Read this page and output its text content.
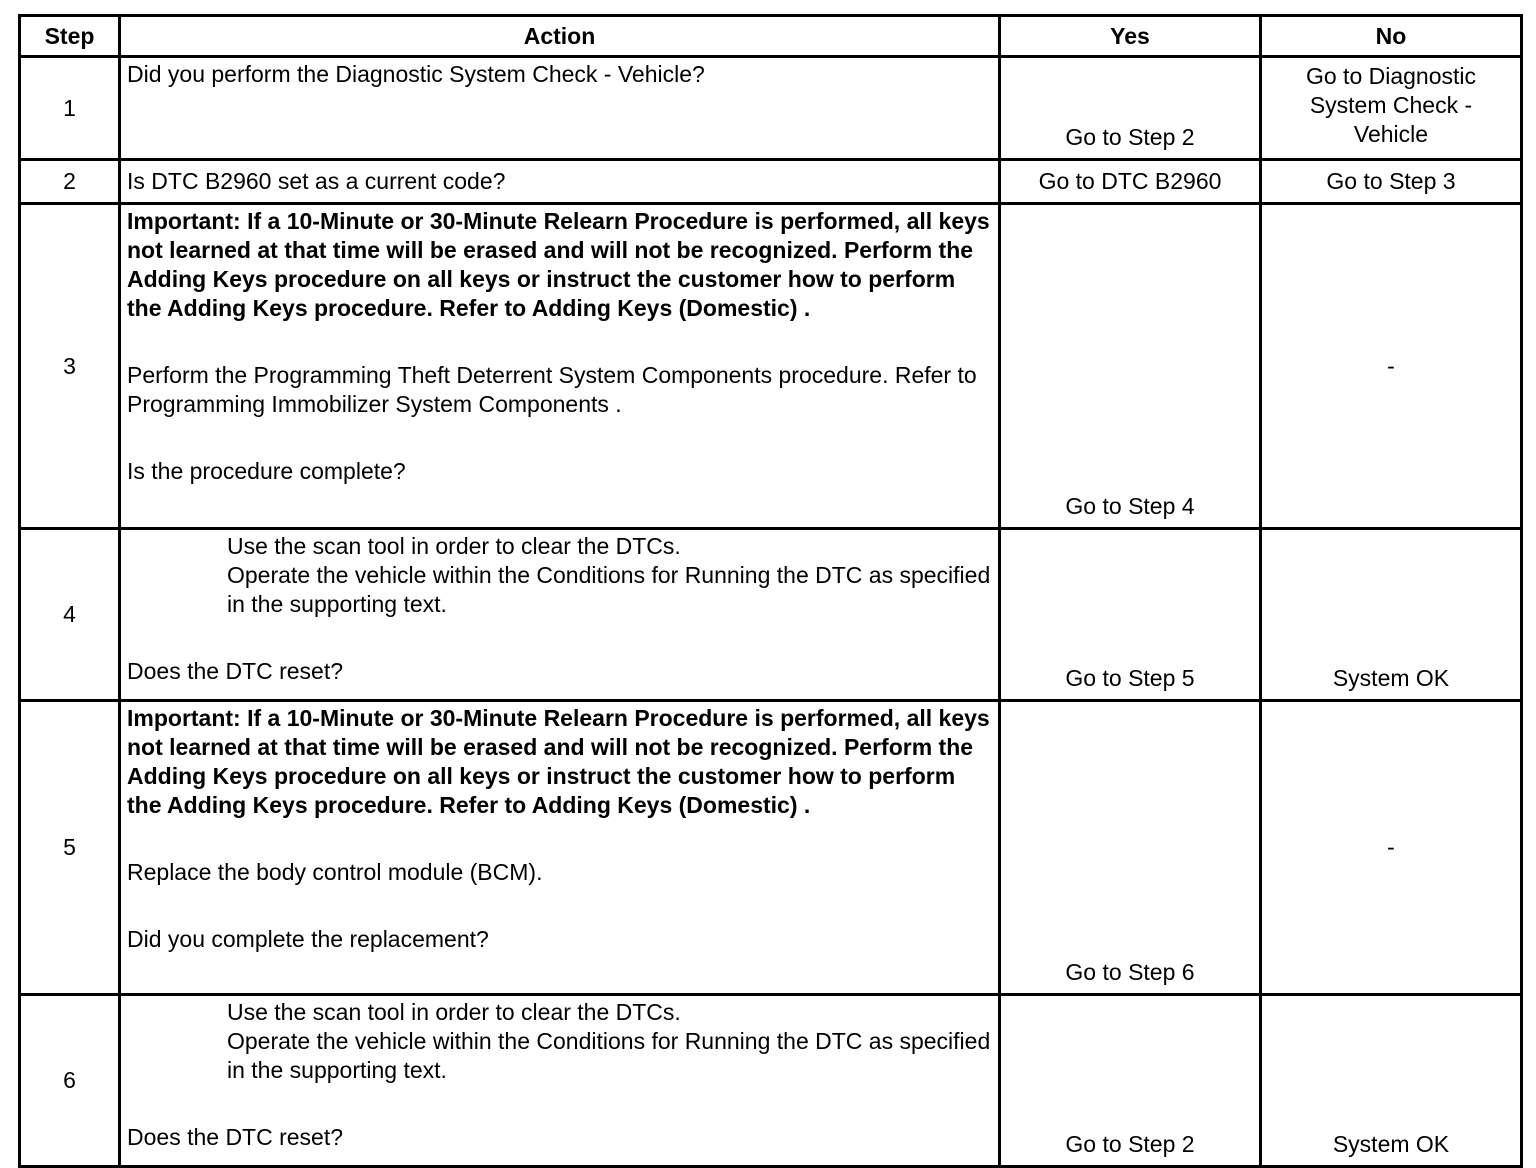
Step	Action	Yes	No
1	Did you perform the Diagnostic System Check - Vehicle?	Go to Step 2	Go to Diagnostic System Check - Vehicle

2	Is DTC B2960 set as a current code?	Go to DTC B2960	Go to Step 3
3	Important: If a 10-Minute or 30-Minute Relearn Procedure is performed, all keys not learned at that time will be erased and will not be recognized. Perform the Adding Keys procedure on all keys or instruct the customer how to perform the Adding Keys procedure. Refer to Adding Keys (Domestic) .
Perform the Programming Theft Deterrent System Components procedure. Refer to Programming Immobilizer System Components .
Is the procedure complete?	Go to Step 4	-
4	Use the scan tool in order to clear the DTCs.
Operate the vehicle within the Conditions for Running the DTC as specified in the supporting text.
Does the DTC reset?	Go to Step 5	System OK
5	Important: If a 10-Minute or 30-Minute Relearn Procedure is performed, all keys not learned at that time will be erased and will not be recognized. Perform the Adding Keys procedure on all keys or instruct the customer how to perform the Adding Keys procedure. Refer to Adding Keys (Domestic) .
Replace the body control module (BCM).
Did you complete the replacement?	Go to Step 6	-
6	Use the scan tool in order to clear the DTCs.
Operate the vehicle within the Conditions for Running the DTC as specified in the supporting text.
Does the DTC reset?	Go to Step 2	System OK
